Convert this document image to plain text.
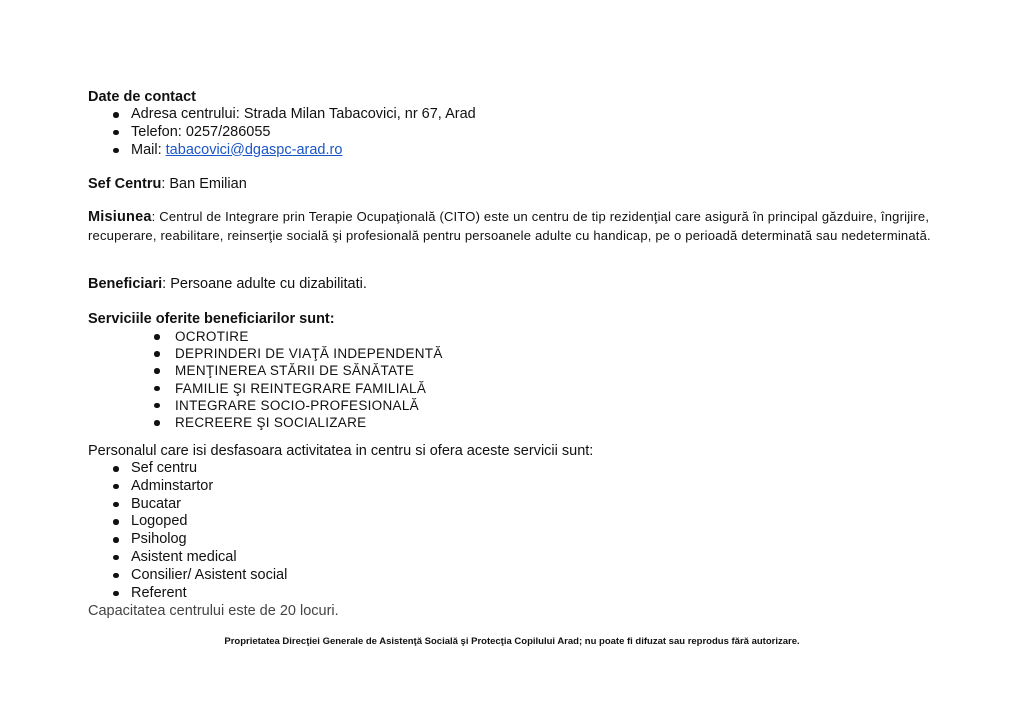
Date de contact

Adresa centrului: Strada Milan Tabacovici, nr 67, Arad
Telefon: 0257/286055
Mail: tabacovici@dgaspc-arad.ro

Sef Centru: Ban Emilian

Misiunea: Centrul de Integrare prin Terapie Ocupaţională (CITO) este un centru de tip rezidenţial care asigură în principal găzduire, îngrijire, recuperare, reabilitare, reinserţie socială şi profesională pentru persoanele adulte cu handicap, pe o perioadă determinată sau nedeterminată.

Beneficiari: Persoane adulte cu dizabilitati.

Serviciile oferite beneficiarilor sunt:

OCROTIRE
DEPRINDERI DE VIAŢĂ INDEPENDENTĂ
MENŢINEREA STĂRII DE SĂNĂTATE
FAMILIE ŞI REINTEGRARE FAMILIALĂ
INTEGRARE SOCIO-PROFESIONALĂ
RECREERE ŞI SOCIALIZARE

Personalul care isi desfasoara activitatea in centru si ofera aceste servicii sunt:

Sef centru
Adminstartor
Bucatar
Logoped
Psiholog
Asistent medical
Consilier/ Asistent social
Referent

Capacitatea centrului este de 20 locuri.

Proprietatea Direcţiei Generale de Asistenţă Socială şi Protecţia Copilului Arad; nu poate fi difuzat sau reprodus fără autorizare.
